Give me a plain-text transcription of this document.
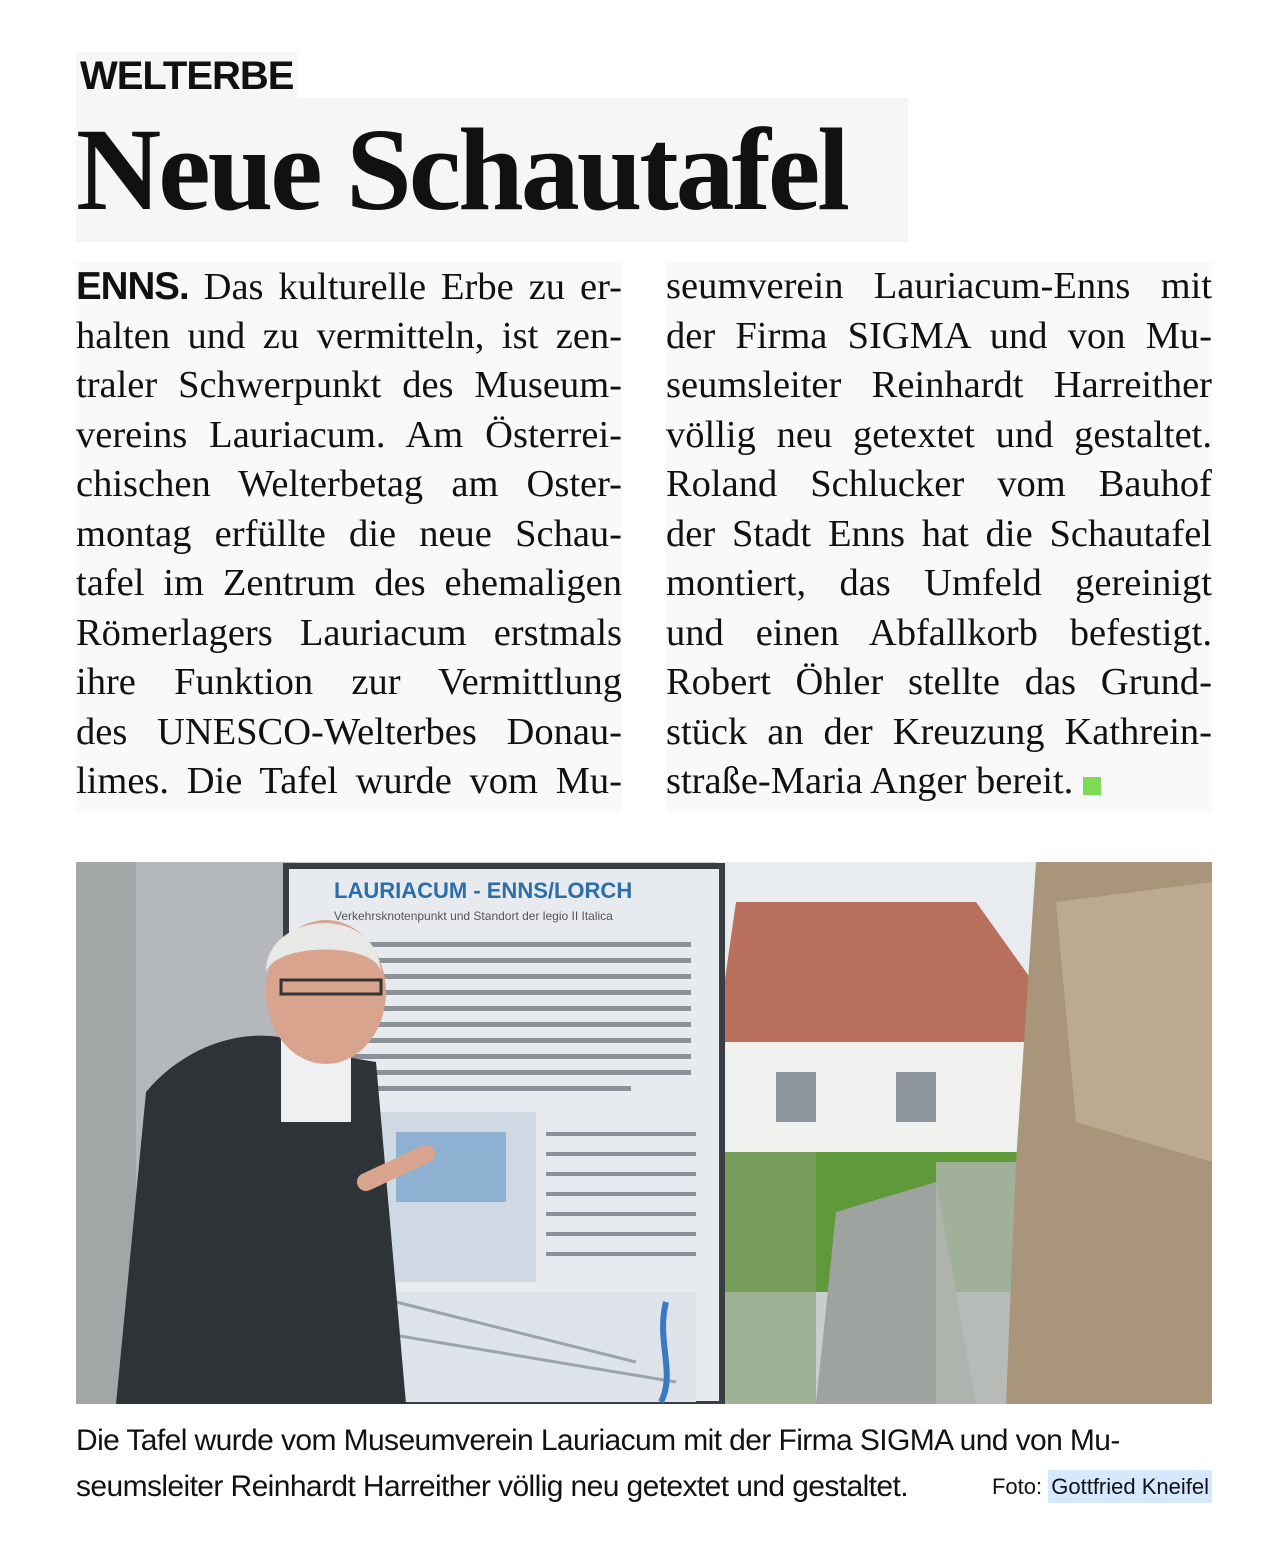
WELTERBE
Neue Schautafel
ENNS. Das kulturelle Erbe zu er-
halten und zu vermitteln, ist zen-
traler Schwerpunkt des Museum-
vereins Lauriacum. Am Österrei-
chischen Welterbetag am Oster-
montag erfüllte die neue Schau-
tafel im Zentrum des ehemaligen
Römerlagers Lauriacum erstmals
ihre Funktion zur Vermittlung
des UNESCO-Welterbes Donau-
limes. Die Tafel wurde vom Mu-
seumverein Lauriacum-Enns mit
der Firma SIGMA und von Mu-
seumsleiter Reinhardt Harreither
völlig neu getextet und gestaltet.
Roland Schlucker vom Bauhof
der Stadt Enns hat die Schautafel
montiert, das Umfeld gereinigt
und einen Abfallkorb befestigt.
Robert Öhler stellte das Grund-
stück an der Kreuzung Kathrein-
straße-Maria Anger bereit.
LAURIACUM - ENNS/LORCH
Verkehrsknotenpunkt und Standort der legio II Italica
Die Tafel wurde vom Museumverein Lauriacum mit der Firma SIGMA und von Mu-
seumsleiter Reinhardt Harreither völlig neu getextet und gestaltet.	Foto: Gottfried Kneifel
